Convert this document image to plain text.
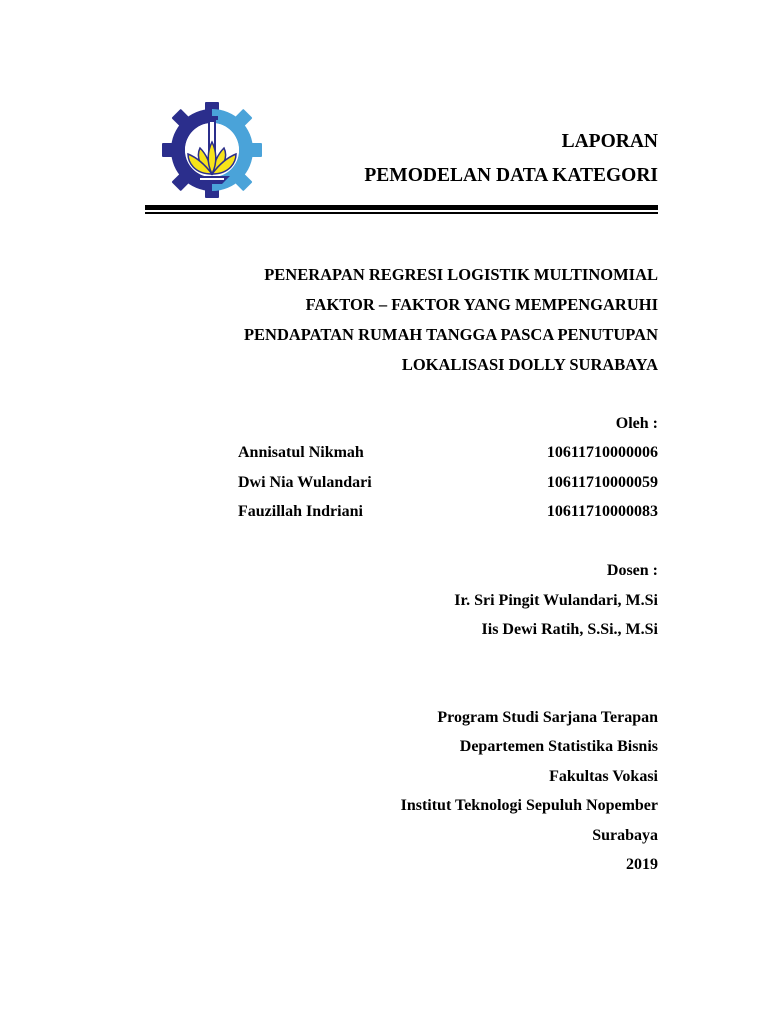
LAPORAN
PEMODELAN DATA KATEGORI
PENERAPAN REGRESI LOGISTIK MULTINOMIAL
FAKTOR – FAKTOR YANG MEMPENGARUHI
PENDAPATAN RUMAH TANGGA PASCA PENUTUPAN
LOKALISASI DOLLY SURABAYA
Oleh :
Annisatul Nikmah	10611710000006
Dwi Nia Wulandari	10611710000059
Fauzillah Indriani	10611710000083
Dosen :
Ir. Sri Pingit Wulandari, M.Si
Iis Dewi Ratih, S.Si., M.Si
Program Studi Sarjana Terapan
Departemen Statistika Bisnis
Fakultas Vokasi
Institut Teknologi Sepuluh Nopember
Surabaya
2019
